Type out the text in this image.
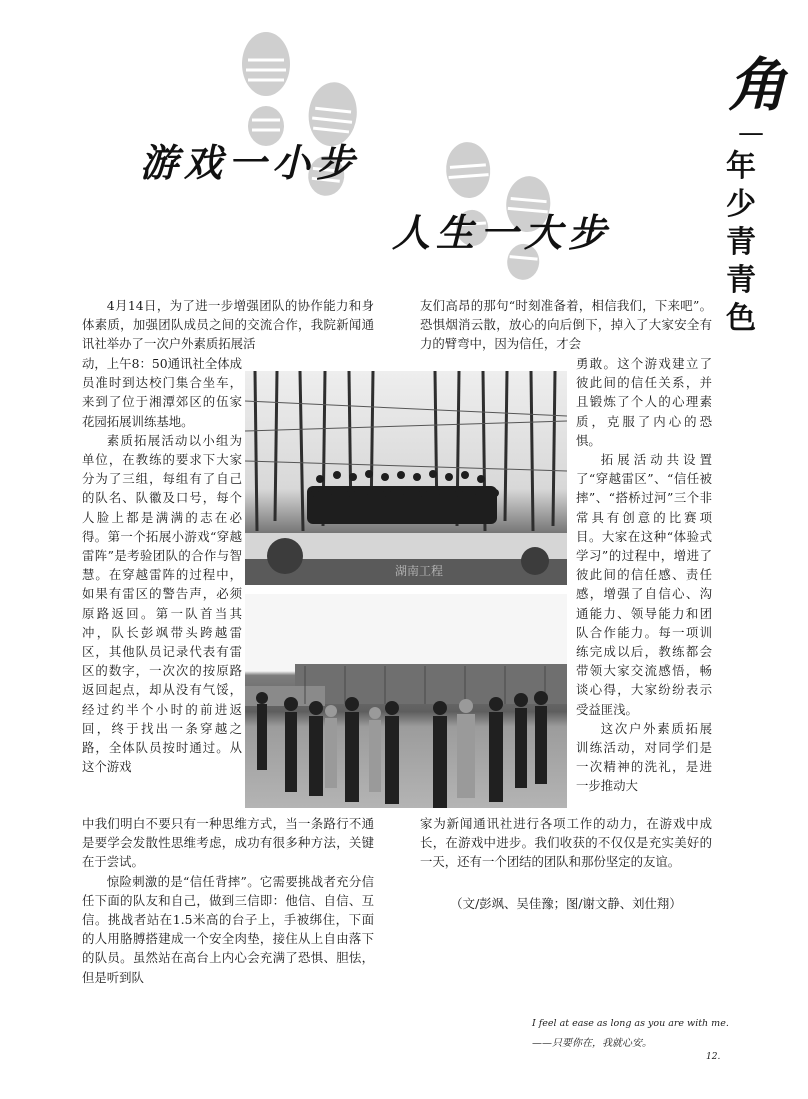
游戏一小步
人生一大步
角
—
年少青青色

4月14日，为了进一步增强团队的协作能力和身体素质，加强团队成员之间的交流合作，我院新闻通讯社举办了一次户外素质拓展活

动，上午8：50通讯社全体成员准时到达校门集合坐车，来到了位于湘潭郊区的伍家花园拓展训练基地。

素质拓展活动以小组为单位，在教练的要求下大家分为了三组，每组有了自己的队名、队徽及口号，每个人脸上都是满满的志在必得。第一个拓展小游戏“穿越雷阵”是考验团队的合作与智慧。在穿越雷阵的过程中，如果有雷区的警告声，必须原路返回。第一队首当其冲，队长彭飒带头跨越雷区，其他队员记录代表有雷区的数字，一次次的按原路返回起点，却从没有气馁，经过约半个小时的前进返回，终于找出一条穿越之路，全体队员按时通过。从这个游戏

中我们明白不要只有一种思维方式，当一条路行不通是要学会发散性思维考虑，成功有很多种方法，关键在于尝试。

惊险刺激的是“信任背摔”。它需要挑战者充分信任下面的队友和自己，做到三信即：他信、自信、互信。挑战者站在1.5米高的台子上，手被绑住，下面的人用胳膊搭建成一个安全肉垫，接住从上自由落下的队员。虽然站在高台上内心会充满了恐惧、胆怯，但是听到队

友们高昂的那句“时刻准备着，相信我们，下来吧”。恐惧烟消云散，放心的向后倒下，掉入了大家安全有力的臂弯中，因为信任，才会

勇敢。这个游戏建立了彼此间的信任关系，并且锻炼了个人的心理素质，克服了内心的恐惧。

拓展活动共设置了“穿越雷区”、“信任被摔”、“搭桥过河”三个非常具有创意的比赛项目。大家在这种“体验式学习”的过程中，增进了彼此间的信任感、责任感，增强了自信心、沟通能力、领导能力和团队合作能力。每一项训练完成以后，教练都会带领大家交流感悟，畅谈心得，大家纷纷表示受益匪浅。

这次户外素质拓展训练活动，对同学们是一次精神的洗礼，是进一步推动大

家为新闻通讯社进行各项工作的动力，在游戏中成长，在游戏中进步。我们收获的不仅仅是充实美好的一天，还有一个团结的团队和那份坚定的友谊。

（文/彭飒、吴佳豫；图/谢文静、刘仕翔）
湖南工程
I feel at ease as long as you are with me.
——只要你在，我就心安。
12.
